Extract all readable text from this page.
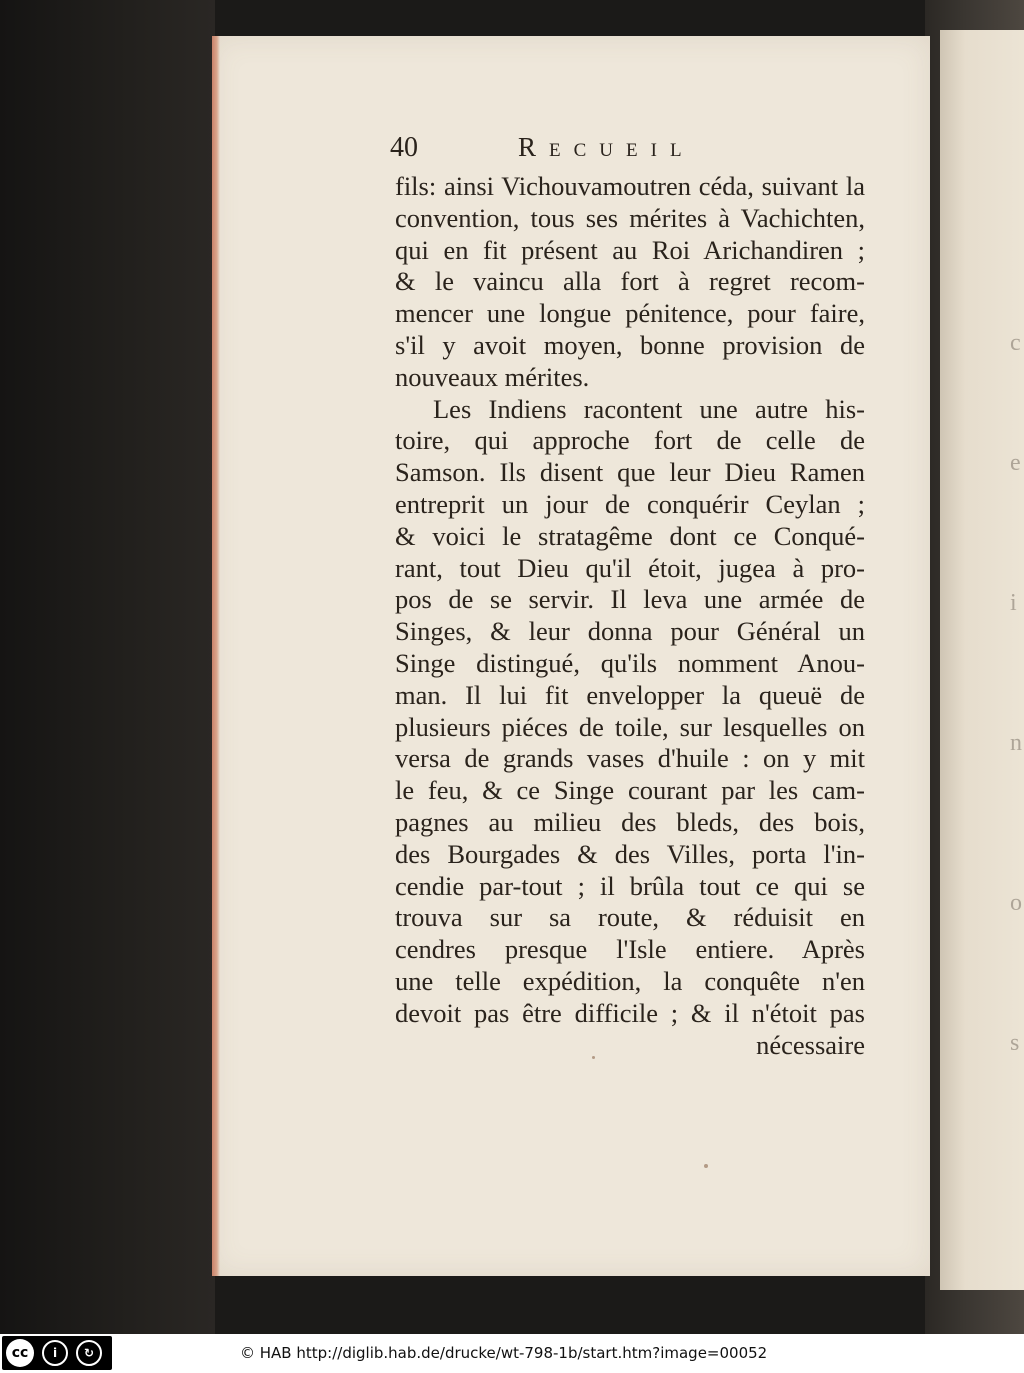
c
e
i
n
o
s
40	Recueil
fils: ainsi Vichouvamoutren céda, suivant la
convention, tous ses mérites à Vachichten,
qui en fit présent au Roi Arichandiren ;
& le vaincu alla fort à regret recom-
mencer une longue pénitence, pour faire,
s'il y avoit moyen, bonne provision de
nouveaux mérites.
Les Indiens racontent une autre his-
toire, qui approche fort de celle de
Samson. Ils disent que leur Dieu Ramen
entreprit un jour de conquérir Ceylan ;
& voici le stratagême dont ce Conqué-
rant, tout Dieu qu'il étoit, jugea à pro-
pos de se servir. Il leva une armée de
Singes, & leur donna pour Général un
Singe distingué, qu'ils nomment Anou-
man. Il lui fit envelopper la queuë de
plusieurs piéces de toile, sur lesquelles on
versa de grands vases d'huile : on y mit
le feu, & ce Singe courant par les cam-
pagnes au milieu des bleds, des bois,
des Bourgades & des Villes, porta l'in-
cendie par-tout ; il brûla tout ce qui se
trouva sur sa route, & réduisit en
cendres presque l'Isle entiere. Après
une telle expédition, la conquête n'en
devoit pas être difficile ; & il n'étoit pas
nécessaire
cc	i	↻	© HAB http://diglib.hab.de/drucke/wt-798-1b/start.htm?image=00052
